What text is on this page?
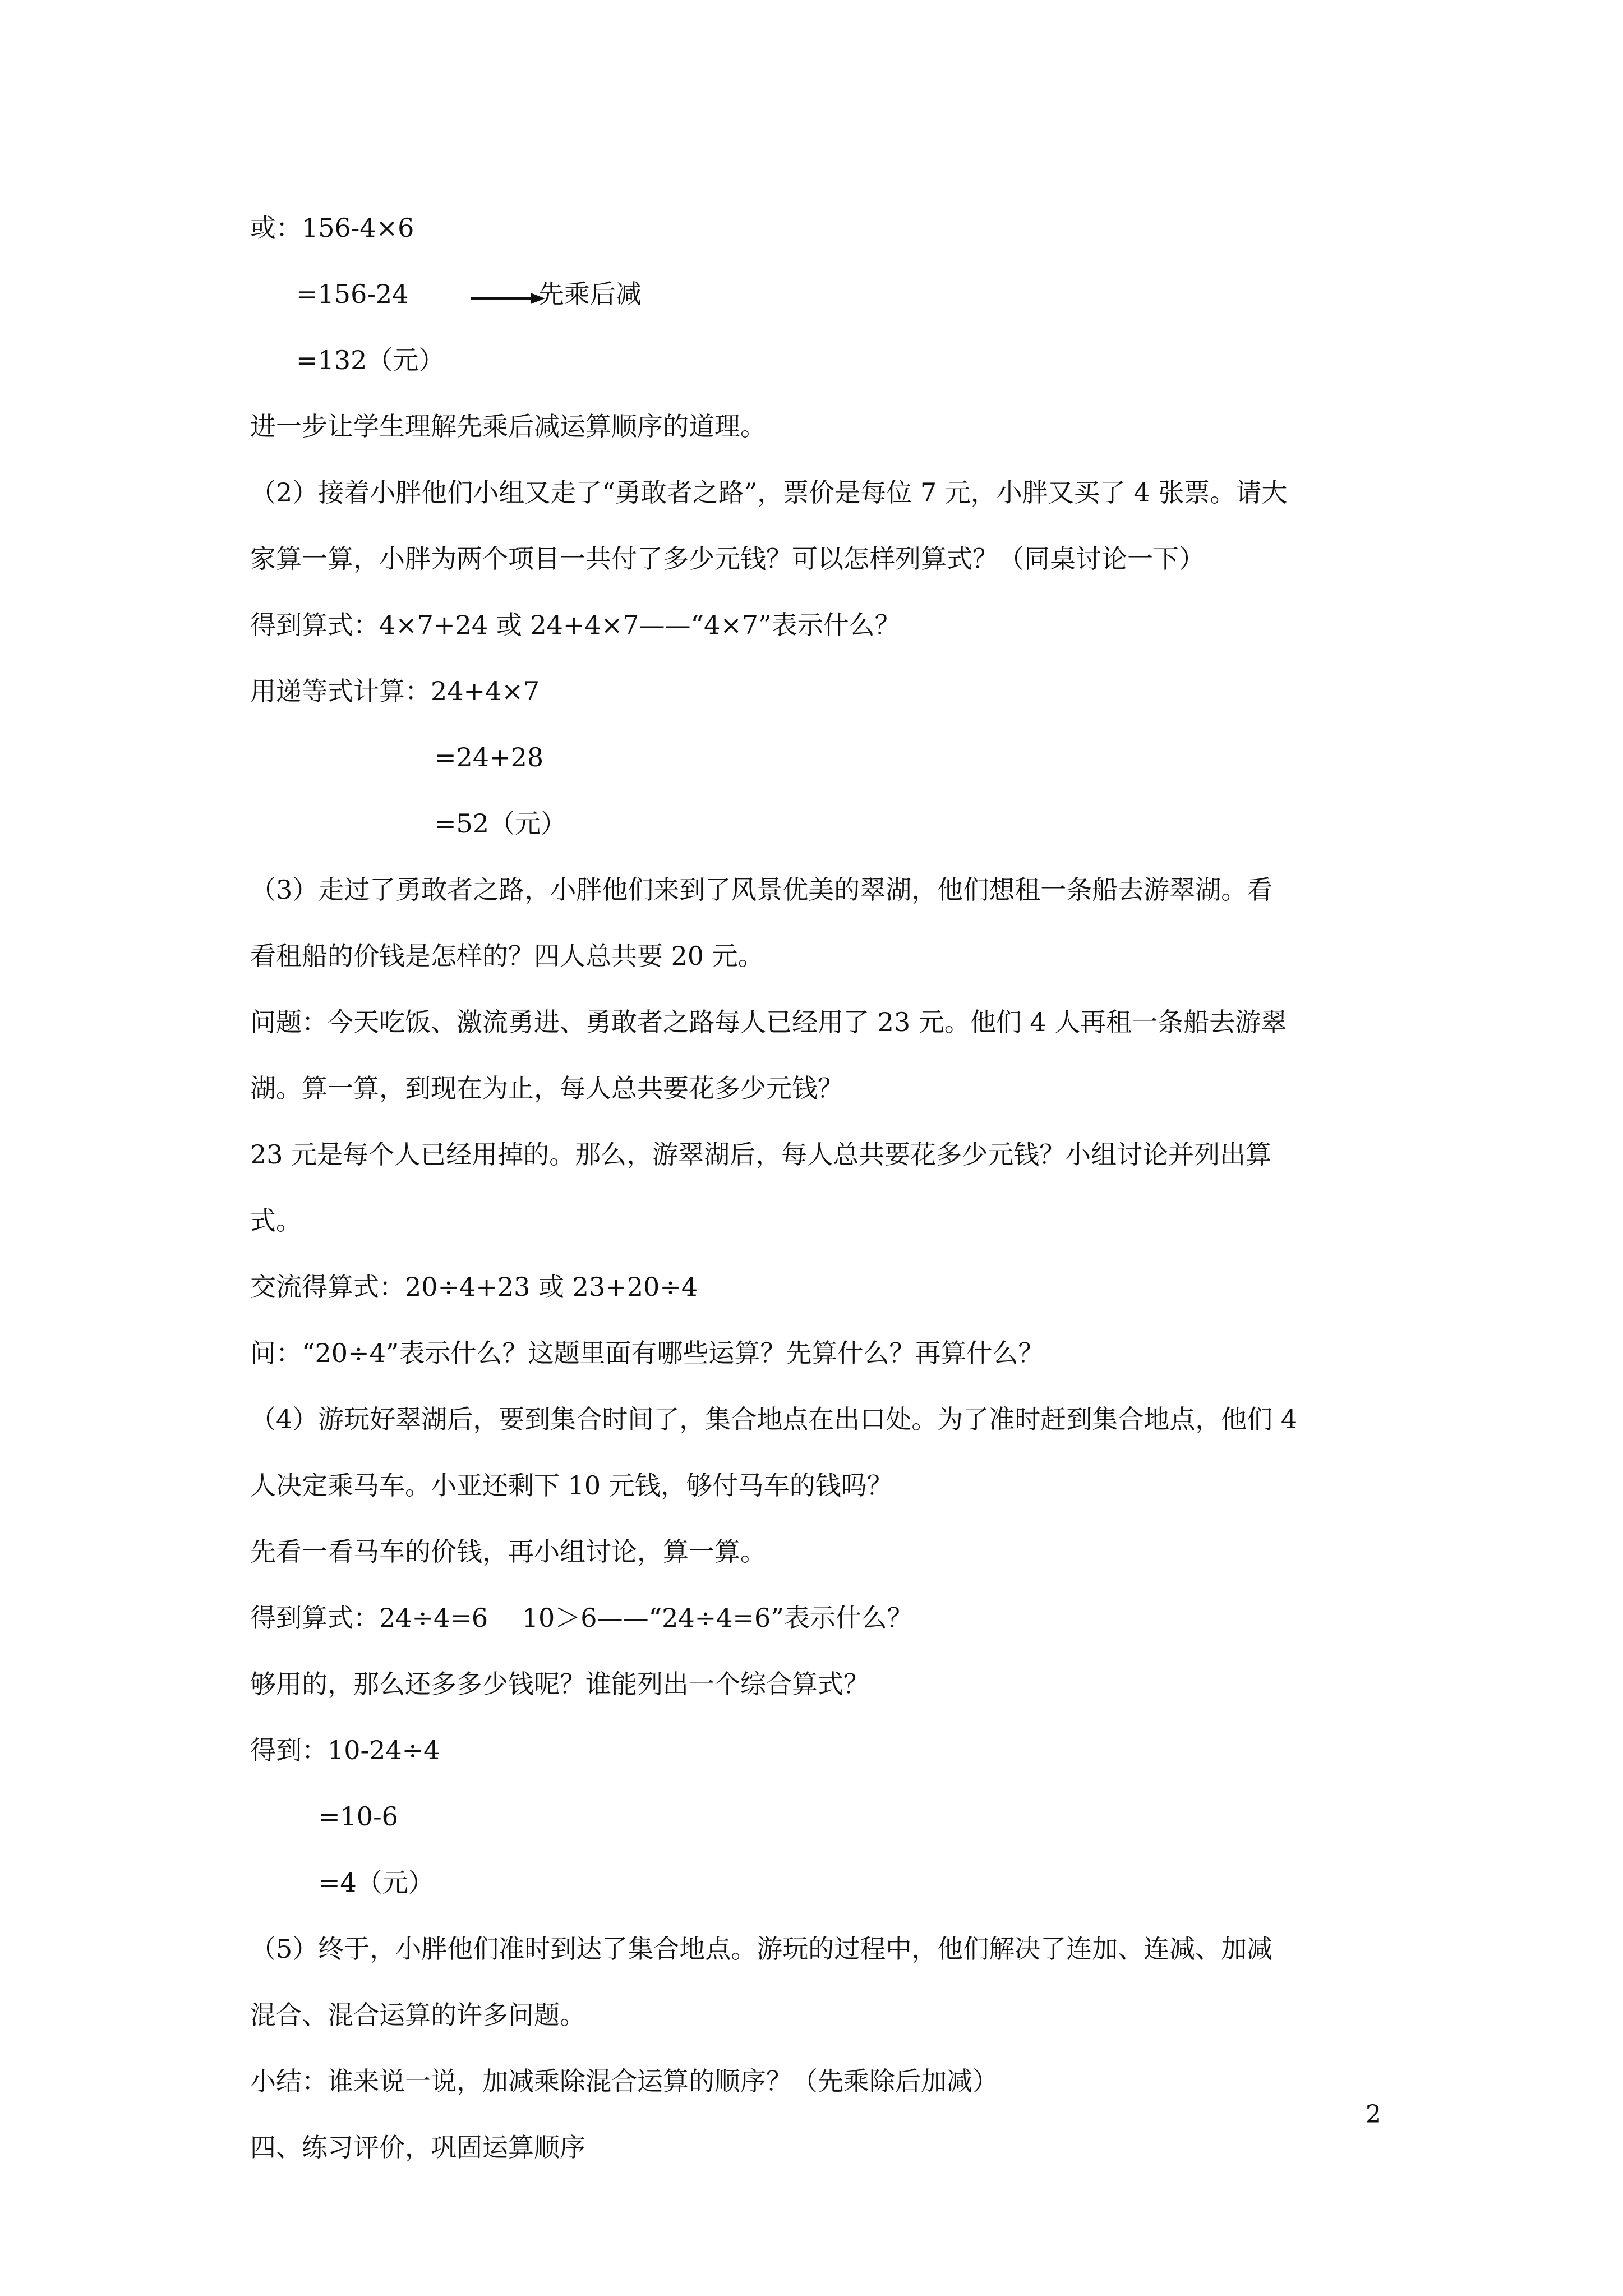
或：156-4×6
=156-24	先乘后减
=132（元）
进一步让学生理解先乘后减运算顺序的道理。
（2）接着小胖他们小组又走了“勇敢者之路”，票价是每位 7 元，小胖又买了 4 张票。请大
家算一算，小胖为两个项目一共付了多少元钱？可以怎样列算式？（同桌讨论一下）
得到算式：4×7+24 或 24+4×7——“4×7”表示什么？
用递等式计算：24+4×7
=24+28
=52（元）
（3）走过了勇敢者之路，小胖他们来到了风景优美的翠湖，他们想租一条船去游翠湖。看
看租船的价钱是怎样的？四人总共要 20 元。
问题：今天吃饭、激流勇进、勇敢者之路每人已经用了 23 元。他们 4 人再租一条船去游翠
湖。算一算，到现在为止，每人总共要花多少元钱？
23 元是每个人已经用掉的。那么，游翠湖后，每人总共要花多少元钱？小组讨论并列出算
式。
交流得算式：20÷4+23 或 23+20÷4
问：“20÷4”表示什么？这题里面有哪些运算？先算什么？再算什么？
（4）游玩好翠湖后，要到集合时间了，集合地点在出口处。为了准时赶到集合地点，他们 4
人决定乘马车。小亚还剩下 10 元钱，够付马车的钱吗？
先看一看马车的价钱，再小组讨论，算一算。
得到算式：24÷4=6　 10＞6——“24÷4=6”表示什么？
够用的，那么还多多少钱呢？谁能列出一个综合算式？
得到：10-24÷4
=10-6
=4（元）
（5）终于，小胖他们准时到达了集合地点。游玩的过程中，他们解决了连加、连减、加减
混合、混合运算的许多问题。
小结：谁来说一说，加减乘除混合运算的顺序？（先乘除后加减）
四、练习评价，巩固运算顺序
2
